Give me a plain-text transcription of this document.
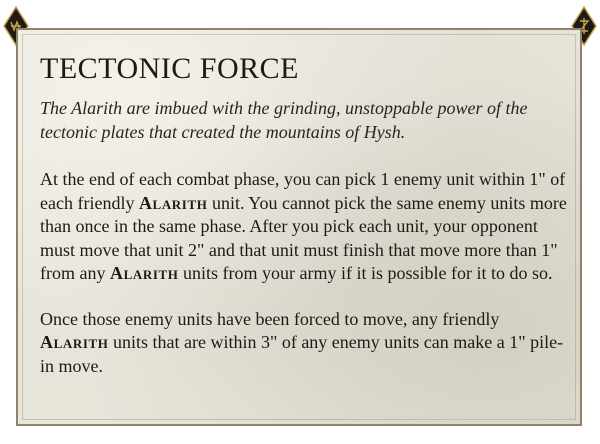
TECTONIC FORCE
The Alarith are imbued with the grinding, unstoppable power of the tectonic plates that created the mountains of Hysh.

At the end of each combat phase, you can pick 1 enemy unit within 1" of each friendly Alarith unit. You cannot pick the same enemy units more than once in the same phase. After you pick each unit, your opponent must move that unit 2" and that unit must finish that move more than 1" from any Alarith units from your army if it is possible for it to do so.

Once those enemy units have been forced to move, any friendly Alarith units that are within 3" of any enemy units can make a 1" pile-in move.
